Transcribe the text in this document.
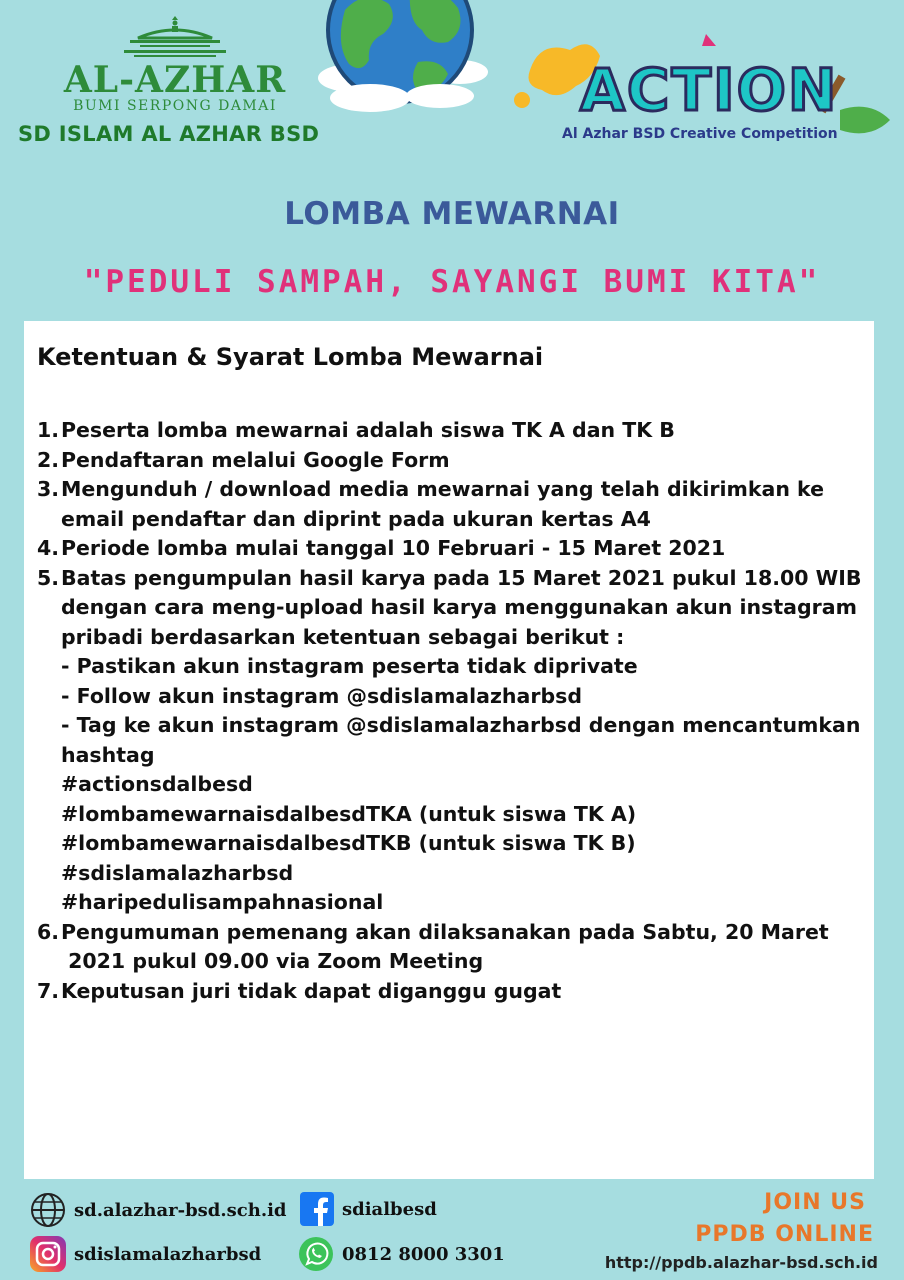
AL-AZHAR
BUMI SERPONG DAMAI
SD ISLAM AL AZHAR BSD
ACTION
Al Azhar BSD Creative Competition
LOMBA MEWARNAI
"PEDULI SAMPAH, SAYANGI BUMI KITA"
Ketentuan & Syarat Lomba Mewarnai
1. Peserta lomba mewarnai adalah siswa TK A dan TK B
2. Pendaftaran melalui Google Form
3. Mengunduh / download media mewarnai yang telah dikirimkan ke
email pendaftar dan diprint pada ukuran kertas A4
4. Periode lomba mulai tanggal 10 Februari - 15 Maret 2021
5. Batas pengumpulan hasil karya pada 15 Maret 2021 pukul 18.00 WIB
dengan cara meng-upload hasil karya menggunakan akun instagram
pribadi berdasarkan ketentuan sebagai berikut :
- Pastikan akun instagram peserta tidak diprivate
- Follow akun instagram @sdislamalazharbsd
- Tag ke akun instagram @sdislamalazharbsd dengan mencantumkan
hashtag
#actionsdalbesd
#lombamewarnaisdalbesdTKA (untuk siswa TK A)
#lombamewarnaisdalbesdTKB (untuk siswa TK B)
#sdislamalazharbsd
#haripedulisampahnasional
6. Pengumuman pemenang akan dilaksanakan pada Sabtu, 20 Maret
2021 pukul 09.00 via Zoom Meeting
7. Keputusan juri tidak dapat diganggu gugat
sd.alazhar-bsd.sch.id	sdialbesd
sdislamalazharbsd	0812 8000 3301
JOIN US
PPDB ONLINE
http://ppdb.alazhar-bsd.sch.id
